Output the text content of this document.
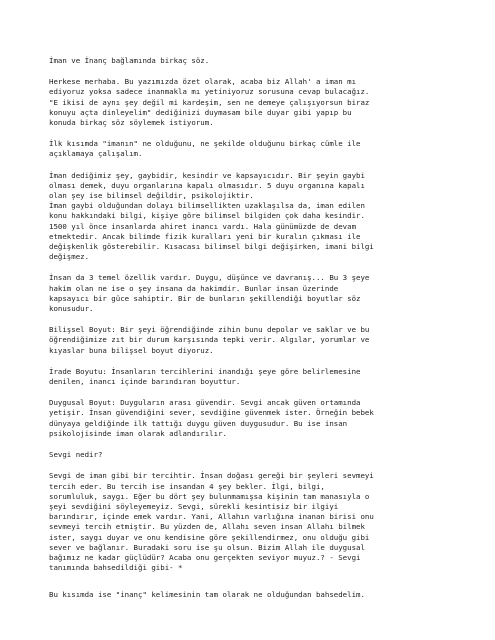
İman ve İnanç bağlamında birkaç söz.

Herkese merhaba. Bu yazımızda özet olarak, acaba biz Allah' a iman mı
ediyoruz yoksa sadece inanmakla mı yetiniyoruz sorusuna cevap bulacağız.
"E ikisi de aynı şey değil mi kardeşim, sen ne demeye çalışıyorsun biraz
konuyu açta dinleyelim" dediğinizi duymasam bile duyar gibi yapıp bu
konuda birkaç söz söylemek istiyorum.

İlk kısımda "imanın" ne olduğunu, ne şekilde olduğunu birkaç cümle ile
açıklamaya çalışalım.

İman dediğimiz şey, gaybidir, kesindir ve kapsayıcıdır. Bir şeyin gaybi
olması demek, duyu organlarına kapalı olmasıdır. 5 duyu organına kapalı
olan şey ise bilimsel değildir, psikolojiktir.
İman gaybi olduğundan dolayı bilimsellikten uzaklaşılsa da, iman edilen
konu hakkındaki bilgi, kişiye göre bilimsel bilgiden çok daha kesindir.
1500 yıl önce insanlarda ahiret inancı vardı. Hala günümüzde de devam
etmektedir. Ancak bilimde fizik kuralları yeni bir kuralın çıkması ile
değişkenlik gösterebilir. Kısacası bilimsel bilgi değişirken, imani bilgi
değişmez.

İnsan da 3 temel özellik vardır. Duygu, düşünce ve davranış... Bu 3 şeye
hakim olan ne ise o şey insana da hakimdir. Bunlar insan üzerinde
kapsayıcı bir güce sahiptir. Bir de bunların şekillendiği boyutlar söz
konusudur.

Bilişsel Boyut: Bir şeyi öğrendiğinde zihin bunu depolar ve saklar ve bu
öğrendiğimize zıt bir durum karşısında tepki verir. Algılar, yorumlar ve
kıyaslar buna bilişsel boyut diyoruz.

İrade Boyutu: İnsanların tercihlerini inandığı şeye göre belirlemesine
denilen, inancı içinde barındıran boyuttur.

Duygusal Boyut: Duyguların arası güvendir. Sevgi ancak güven ortamında
yetişir. İnsan güvendiğini sever, sevdiğine güvenmek ister. Örneğin bebek
dünyaya geldiğinde ilk tattığı duygu güven duygusudur. Bu ise insan
psikolojisinde iman olarak adlandırılır.

Sevgi nedir?

Sevgi de iman gibi bir tercihtir. İnsan doğası gereği bir şeyleri sevmeyi
tercih eder. Bu tercih ise insandan 4 şey bekler. İlgi, bilgi,
sorumluluk, saygı. Eğer bu dört şey bulunmamışsa kişinin tam manasıyla o
şeyi sevdiğini söyleyemeyiz. Sevgi, sürekli kesintisiz bir ilgiyi
barındırır, içinde emek vardır. Yani, Allahın varlığına inanan birisi onu
sevmeyi tercih etmiştir. Bu yüzden de, Allahı seven insan Allahı bilmek
ister, saygı duyar ve onu kendisine göre şekillendirmez, onu olduğu gibi
sever ve bağlanır. Buradaki soru ise şu olsun. Bizim Allah ile duygusal
bağımız ne kadar güçlüdür? Acaba onu gerçekten seviyor muyuz.? - Sevgi
tanımında bahsedildiği gibi- *

Bu kısımda ise "inanç" kelimesinin tam olarak ne olduğundan bahsedelim.
